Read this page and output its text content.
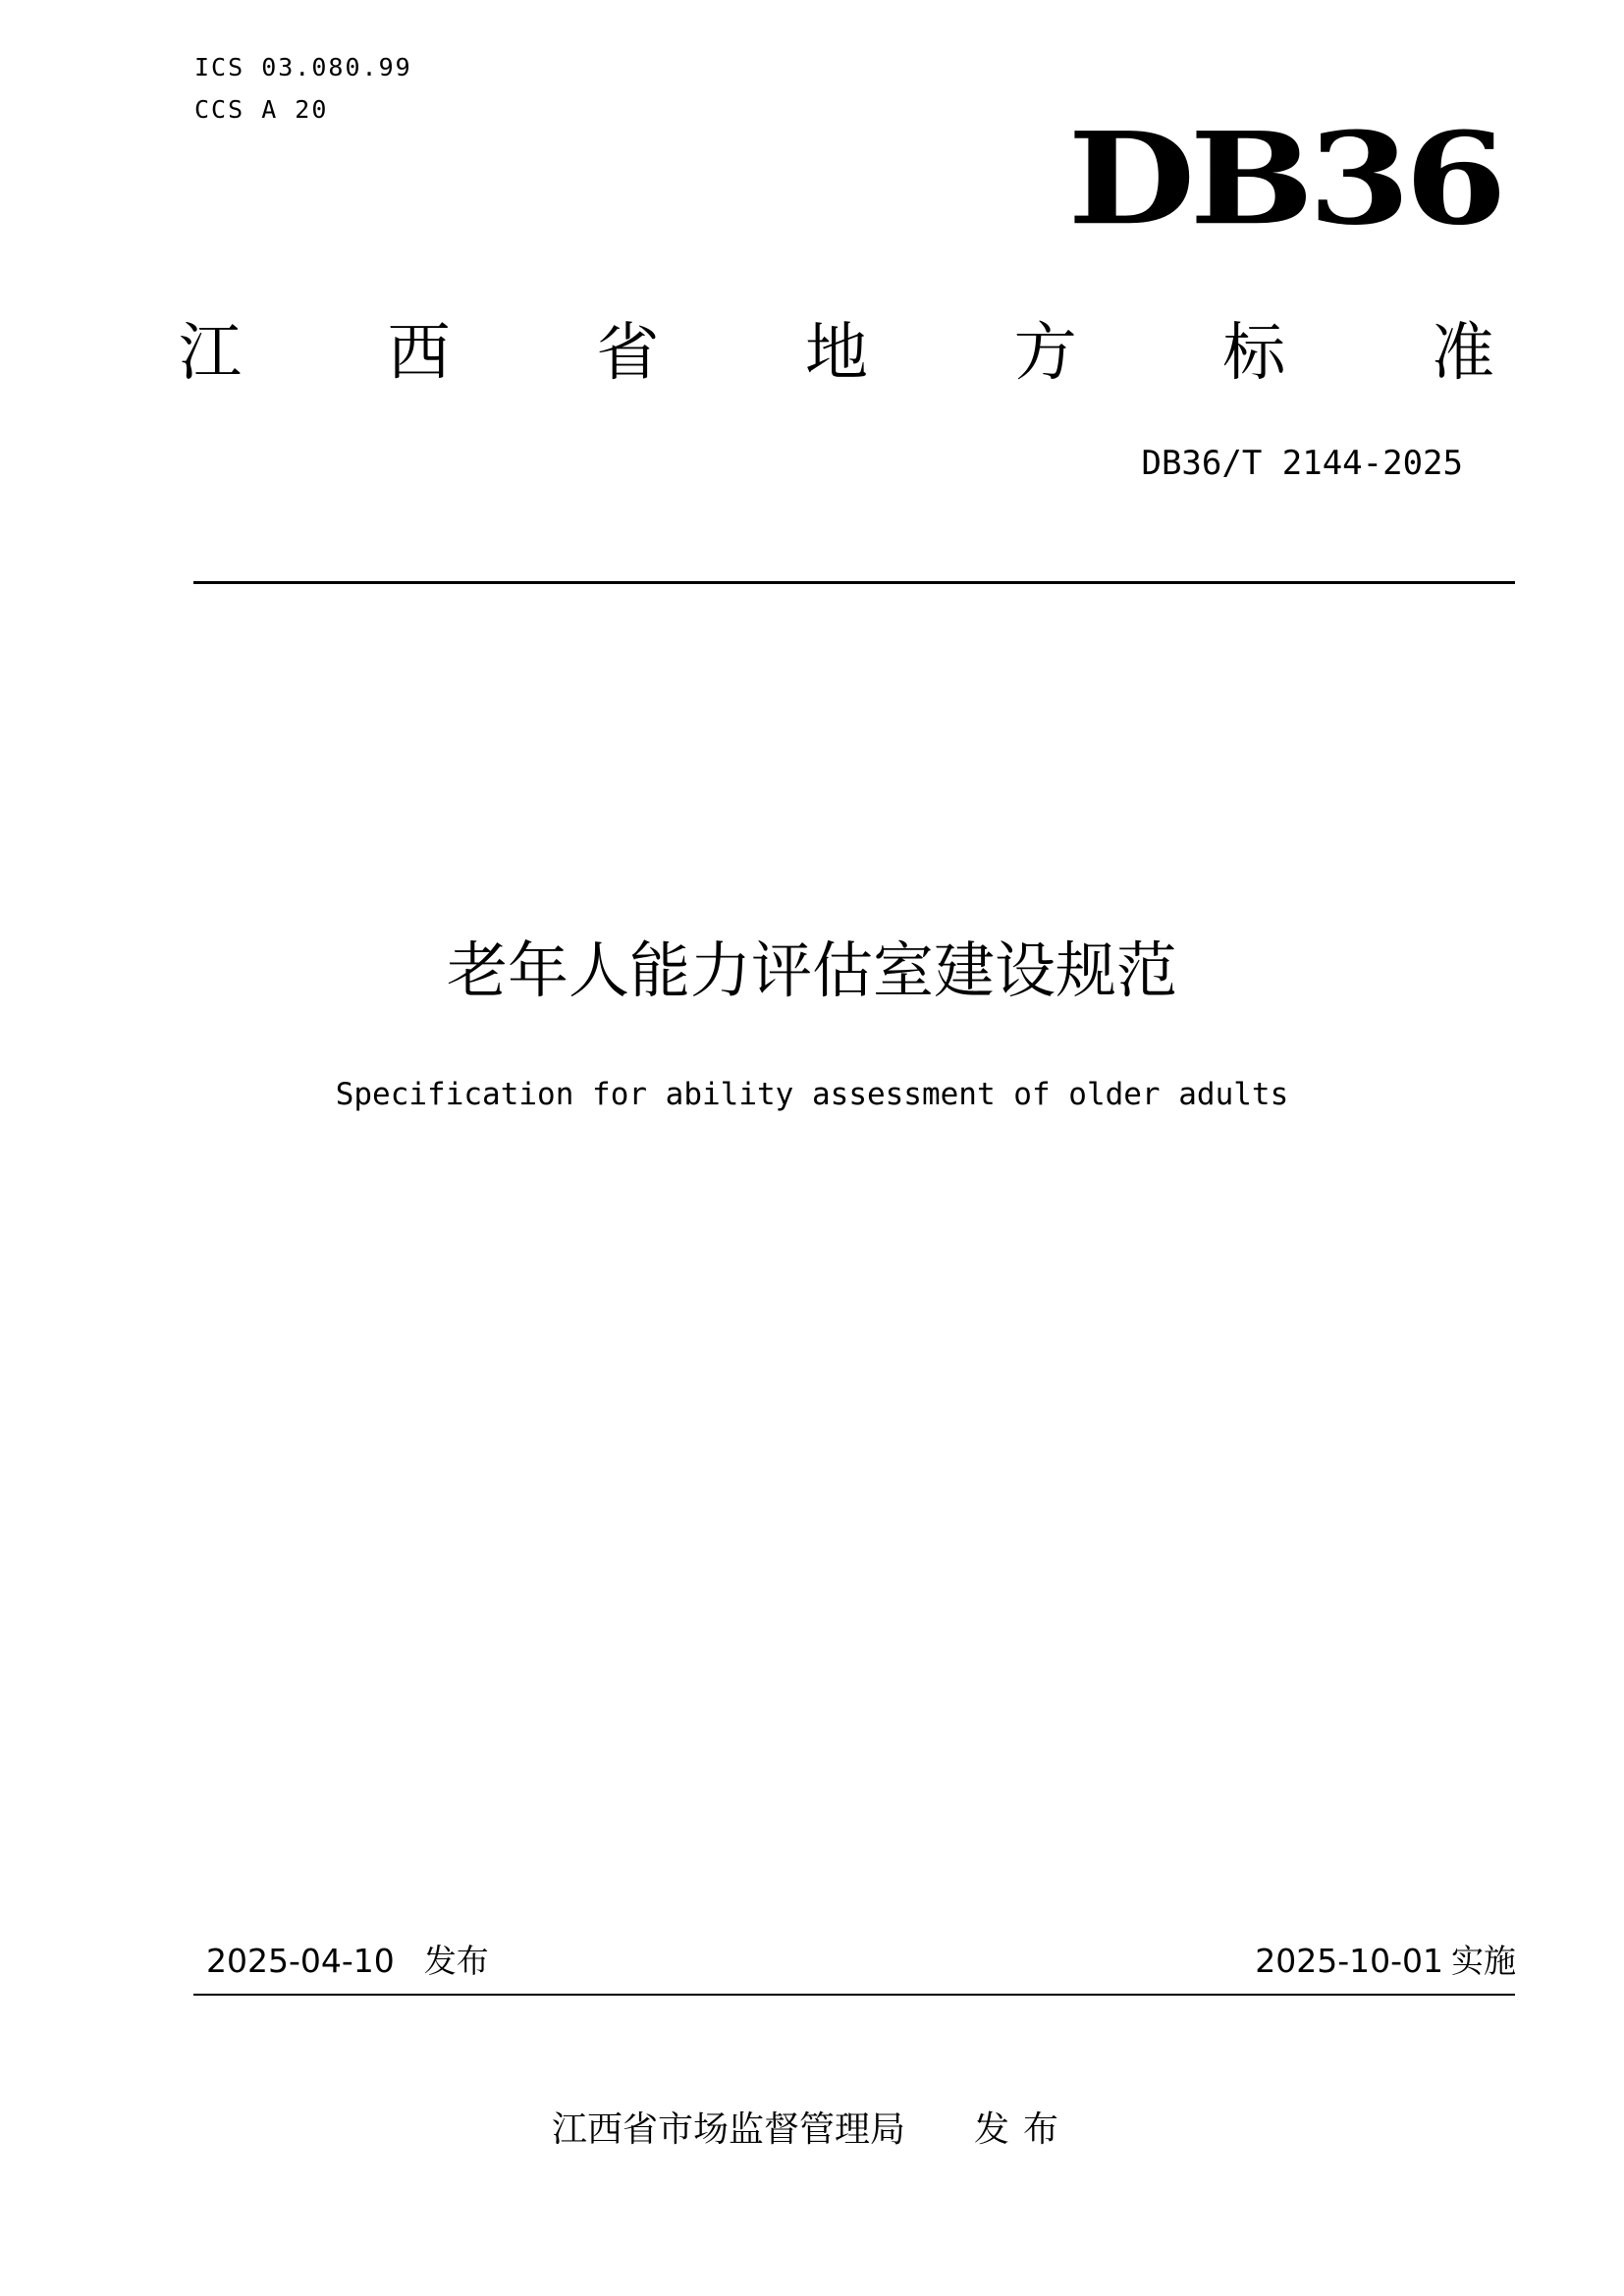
ICS 03.080.99
CCS A 20	DB36
江 西 省 地 方 标 准
DB36/T 2144-2025
老年人能力评估室建设规范
Specification for ability assessment of older adults
2025-04-10 发布	2025-10-01 实施
江西省市场监督管理局 发布
